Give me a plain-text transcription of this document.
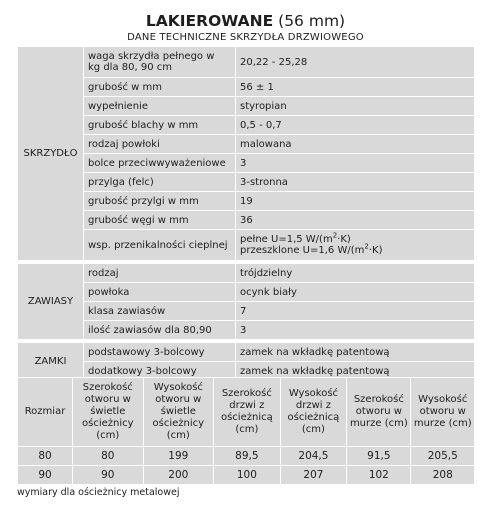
LAKIEROWANE (56 mm)
DANE TECHNICZNE SKRZYDŁA DRZWIOWEGO
SKRZYDŁO	waga skrzydła pełnego w kg dla 80, 90 cm	20,22 - 25,28
	grubość w mm	56 ± 1
	wypełnienie	styropian
	grubość blachy w mm	0,5 - 0,7
	rodzaj powłoki	malowana
	bolce przeciwwyważeniowe	3
	przylga (felc)	3-stronna
	grubość przylgi w mm	19
	grubość węgi w mm	36
	wsp. przenikalności cieplnej	pełne U=1,5 $W/(m^2\cdot K)$
przeszklone U=1,6 $W/(m^2\cdot K)$

ZAWIASY	rodzaj	trójdzielny
	powłoka	ocynk biały
	klasa zawiasów	7
	ilość zawiasów dla 80,90	3

ZAMKI	podstawowy 3-bolcowy	zamek na wkładkę patentową
	dodatkowy 3-bolcowy	zamek na wkładkę patentową
Rozmiar	Szerokość otworu w świetle ościeżnicy (cm)	Wysokość otworu w świetle ościeżnicy (cm)	Szerokość drzwi z ościeżnicą (cm)	Wysokość drzwi z ościeżnicą (cm)	Szerokość otworu w murze (cm)	Wysokość otworu w murze (cm)
80	80	199	89,5	204,5	91,5	205,5
90	90	200	100	207	102	208
wymiary dla ościeżnicy metalowej
